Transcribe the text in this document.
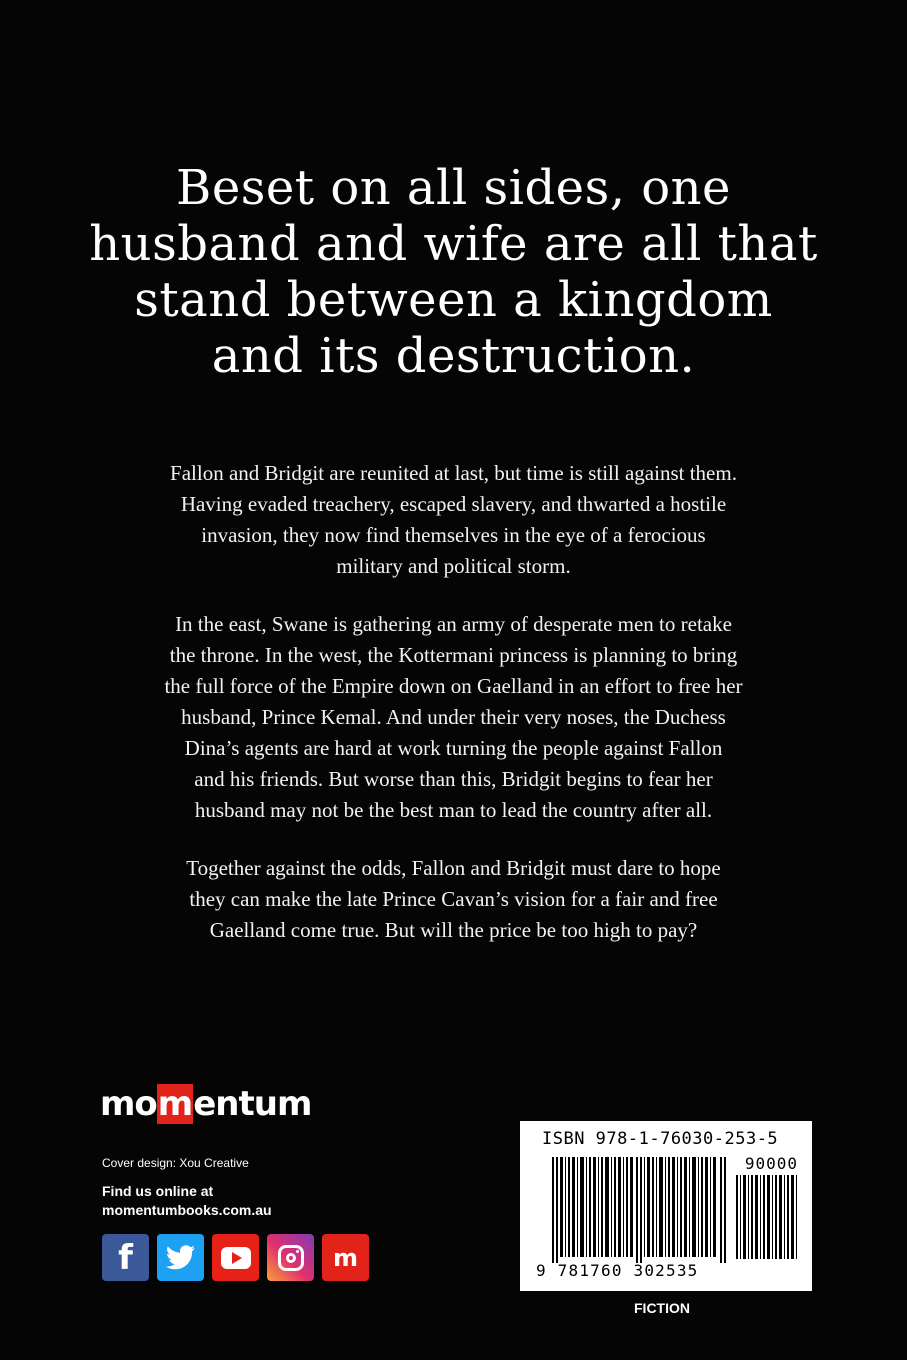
Beset on all sides, one
husband and wife are all that
stand between a kingdom
and its destruction.

Fallon and Bridgit are reunited at last, but time is still against them.
Having evaded treachery, escaped slavery, and thwarted a hostile
invasion, they now find themselves in the eye of a ferocious
military and political storm.

In the east, Swane is gathering an army of desperate men to retake
the throne. In the west, the Kottermani princess is planning to bring
the full force of the Empire down on Gaelland in an effort to free her
husband, Prince Kemal. And under their very noses, the Duchess
Dina’s agents are hard at work turning the people against Fallon
and his friends. But worse than this, Bridgit begins to fear her
husband may not be the best man to lead the country after all.

Together against the odds, Fallon and Bridgit must dare to hope
they can make the late Prince Cavan’s vision for a fair and free
Gaelland come true. But will the price be too high to pay?

momentum
Cover design: Xou Creative
Find us online at
momentumbooks.com.au
f	m
ISBN 978-1-76030-253-5
90000
9 781760 302535
FICTION
